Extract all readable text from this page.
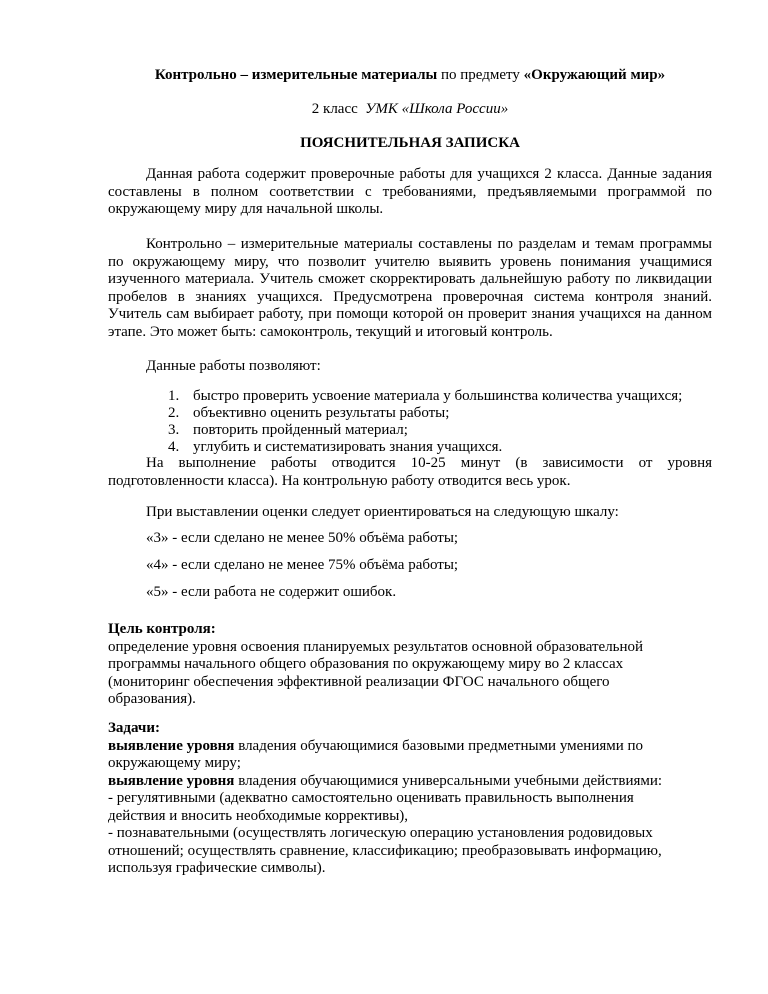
Контрольно – измерительные материалы по предмету «Окружающий мир»
2 класс  УМК «Школа России»
ПОЯСНИТЕЛЬНАЯ ЗАПИСКА
Данная работа содержит проверочные работы для учащихся 2 класса. Данные задания составлены в полном соответствии с требованиями, предъявляемыми программой по окружающему миру для начальной школы.
Контрольно – измерительные материалы составлены по разделам и темам программы по окружающему миру, что позволит учителю выявить уровень понимания учащимися изученного материала. Учитель сможет скорректировать дальнейшую работу по ликвидации пробелов в знаниях учащихся. Предусмотрена проверочная система контроля знаний. Учитель сам выбирает работу, при помощи которой он проверит знания учащихся на данном этапе. Это может быть: самоконтроль, текущий и итоговый контроль.
Данные работы позволяют:
1. быстро проверить усвоение материала у большинства количества учащихся;
2. объективно оценить результаты работы;
3. повторить пройденный материал;
4. углубить и систематизировать знания учащихся.
На выполнение работы отводится 10-25 минут (в зависимости от уровня
подготовленности класса). На контрольную работу отводится весь урок.
При выставлении оценки следует ориентироваться на следующую шкалу:
«3» - если сделано не менее 50% объёма работы;
«4» - если сделано не менее 75% объёма работы;
«5» - если работа не содержит ошибок.
Цель контроля:
определение уровня освоения планируемых результатов основной образовательной
программы начального общего образования по окружающему миру во 2 классах
(мониторинг обеспечения эффективной реализации ФГОС начального общего
образования).
Задачи:
выявление уровня владения обучающимися базовыми предметными умениями по
окружающему миру;
выявление уровня владения обучающимися универсальными учебными действиями:
- регулятивными (адекватно самостоятельно оценивать правильность выполнения
действия и вносить необходимые коррективы),
- познавательными (осуществлять логическую операцию установления родовидовых
отношений; осуществлять сравнение, классификацию; преобразовывать информацию,
используя графические символы).
